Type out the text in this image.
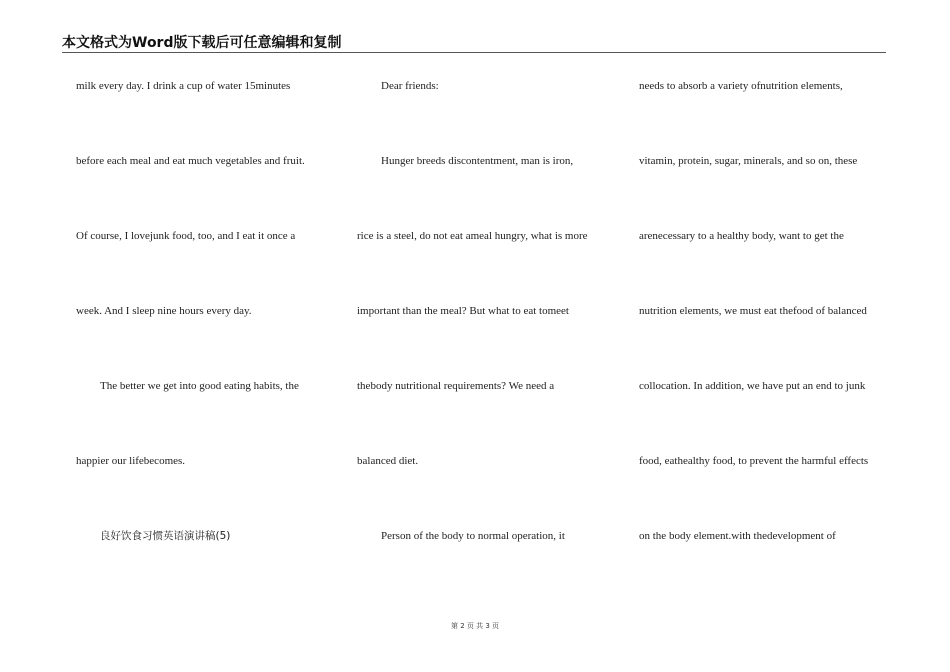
本文格式为Word版下载后可任意编辑和复制
milk every day. I drink a cup of water 15minutes
before each meal and eat much vegetables and fruit.
Of course, I lovejunk food, too, and I eat it once a
week. And I sleep nine hours every day.
The better we get into good eating habits, the
happier our lifebecomes.
良好饮食习惯英语演讲稿(5)
Dear friends:
Hunger breeds discontentment, man is iron,
rice is a steel, do not eat ameal hungry, what is more
important than the meal? But what to eat tomeet
thebody nutritional requirements? We need a
balanced diet.
Person of the body to normal operation, it
needs to absorb a variety ofnutrition elements,
vitamin, protein, sugar, minerals, and so on, these
arenecessary to a healthy body, want to get the
nutrition elements, we must eat thefood of balanced
collocation. In addition, we have put an end to junk
food, eathealthy food, to prevent the harmful effects
on the body element.with thedevelopment of
第 2 页 共 3 页
